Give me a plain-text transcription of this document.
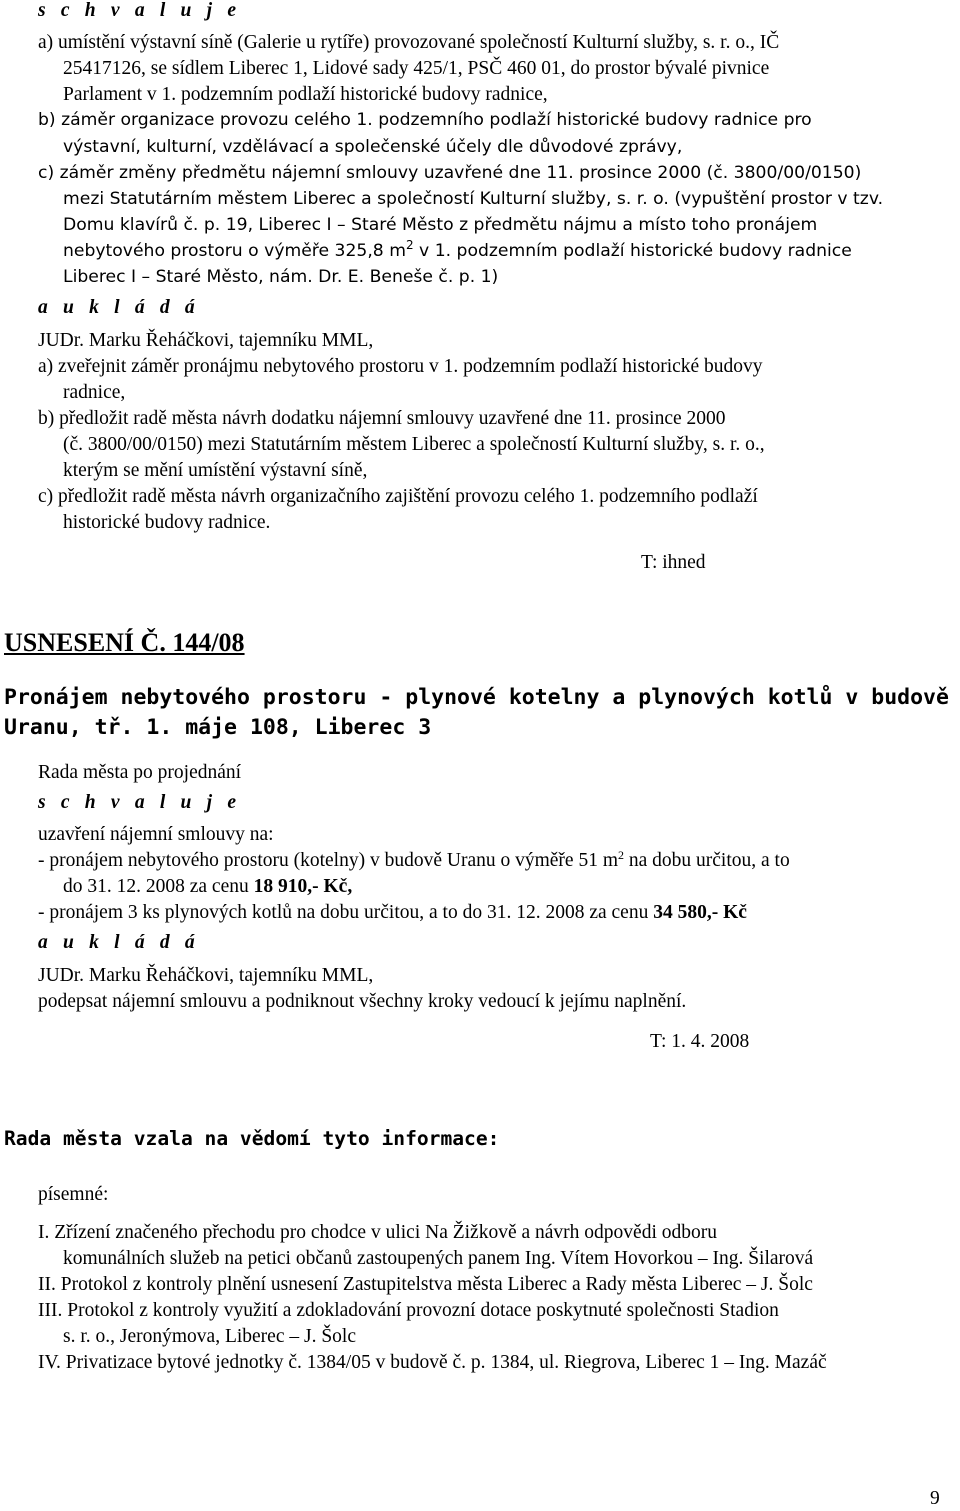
s c h v a l u j e
a) umístění výstavní síně (Galerie u rytíře) provozované společností Kulturní služby, s. r. o., IČ
25417126, se sídlem Liberec 1, Lidové sady 425/1, PSČ 460 01, do prostor bývalé pivnice
Parlament v 1. podzemním podlaží historické budovy radnice,
b) záměr organizace provozu celého 1. podzemního podlaží historické budovy radnice pro
výstavní, kulturní, vzdělávací a společenské účely dle důvodové zprávy,
c) záměr změny předmětu nájemní smlouvy uzavřené dne 11. prosince 2000 (č. 3800/00/0150)
mezi Statutárním městem Liberec a společností Kulturní služby, s. r. o. (vypuštění prostor v tzv.
Domu klavírů č. p. 19, Liberec I – Staré Město z předmětu nájmu a místo toho pronájem
nebytového prostoru o výměře 325,8 $m^2$ v 1. podzemním podlaží historické budovy radnice
Liberec I – Staré Město, nám. Dr. E. Beneše č. p. 1)
a u k l á d á
JUDr. Marku Řeháčkovi, tajemníku MML,
a) zveřejnit záměr pronájmu nebytového prostoru v 1. podzemním podlaží historické budovy
radnice,
b) předložit radě města návrh dodatku nájemní smlouvy uzavřené dne 11. prosince 2000
(č. 3800/00/0150) mezi Statutárním městem Liberec a společností Kulturní služby, s. r. o.,
kterým se mění umístění výstavní síně,
c) předložit radě města návrh organizačního zajištění provozu celého 1. podzemního podlaží
historické budovy radnice.
T: ihned
USNESENÍ Č. 144/08
Pronájem nebytového prostoru - plynové kotelny a plynových kotlů v budově
Uranu, tř. 1. máje 108, Liberec 3
Rada města po projednání
s c h v a l u j e
uzavření nájemní smlouvy na:
- pronájem nebytového prostoru (kotelny) v budově Uranu o výměře 51 $m^2$ na dobu určitou, a to
do 31. 12. 2008 za cenu 18 910,- Kč,
- pronájem 3 ks plynových kotlů na dobu určitou, a to do 31. 12. 2008 za cenu 34 580,- Kč
a u k l á d á
JUDr. Marku Řeháčkovi, tajemníku MML,
podepsat nájemní smlouvu a podniknout všechny kroky vedoucí k jejímu naplnění.
T: 1. 4. 2008
Rada města vzala na vědomí tyto informace:
písemné:
I. Zřízení značeného přechodu pro chodce v ulici Na Žižkově a návrh odpovědi odboru
komunálních služeb na petici občanů zastoupených panem Ing. Vítem Hovorkou – Ing. Šilarová
II. Protokol z kontroly plnění usnesení Zastupitelstva města Liberec a Rady města Liberec – J. Šolc
III. Protokol z kontroly využití a zdokladování provozní dotace poskytnuté společnosti Stadion
s. r. o., Jeronýmova, Liberec – J. Šolc
IV. Privatizace bytové jednotky č. 1384/05 v budově č. p. 1384, ul. Riegrova, Liberec 1 – Ing. Mazáč
9
